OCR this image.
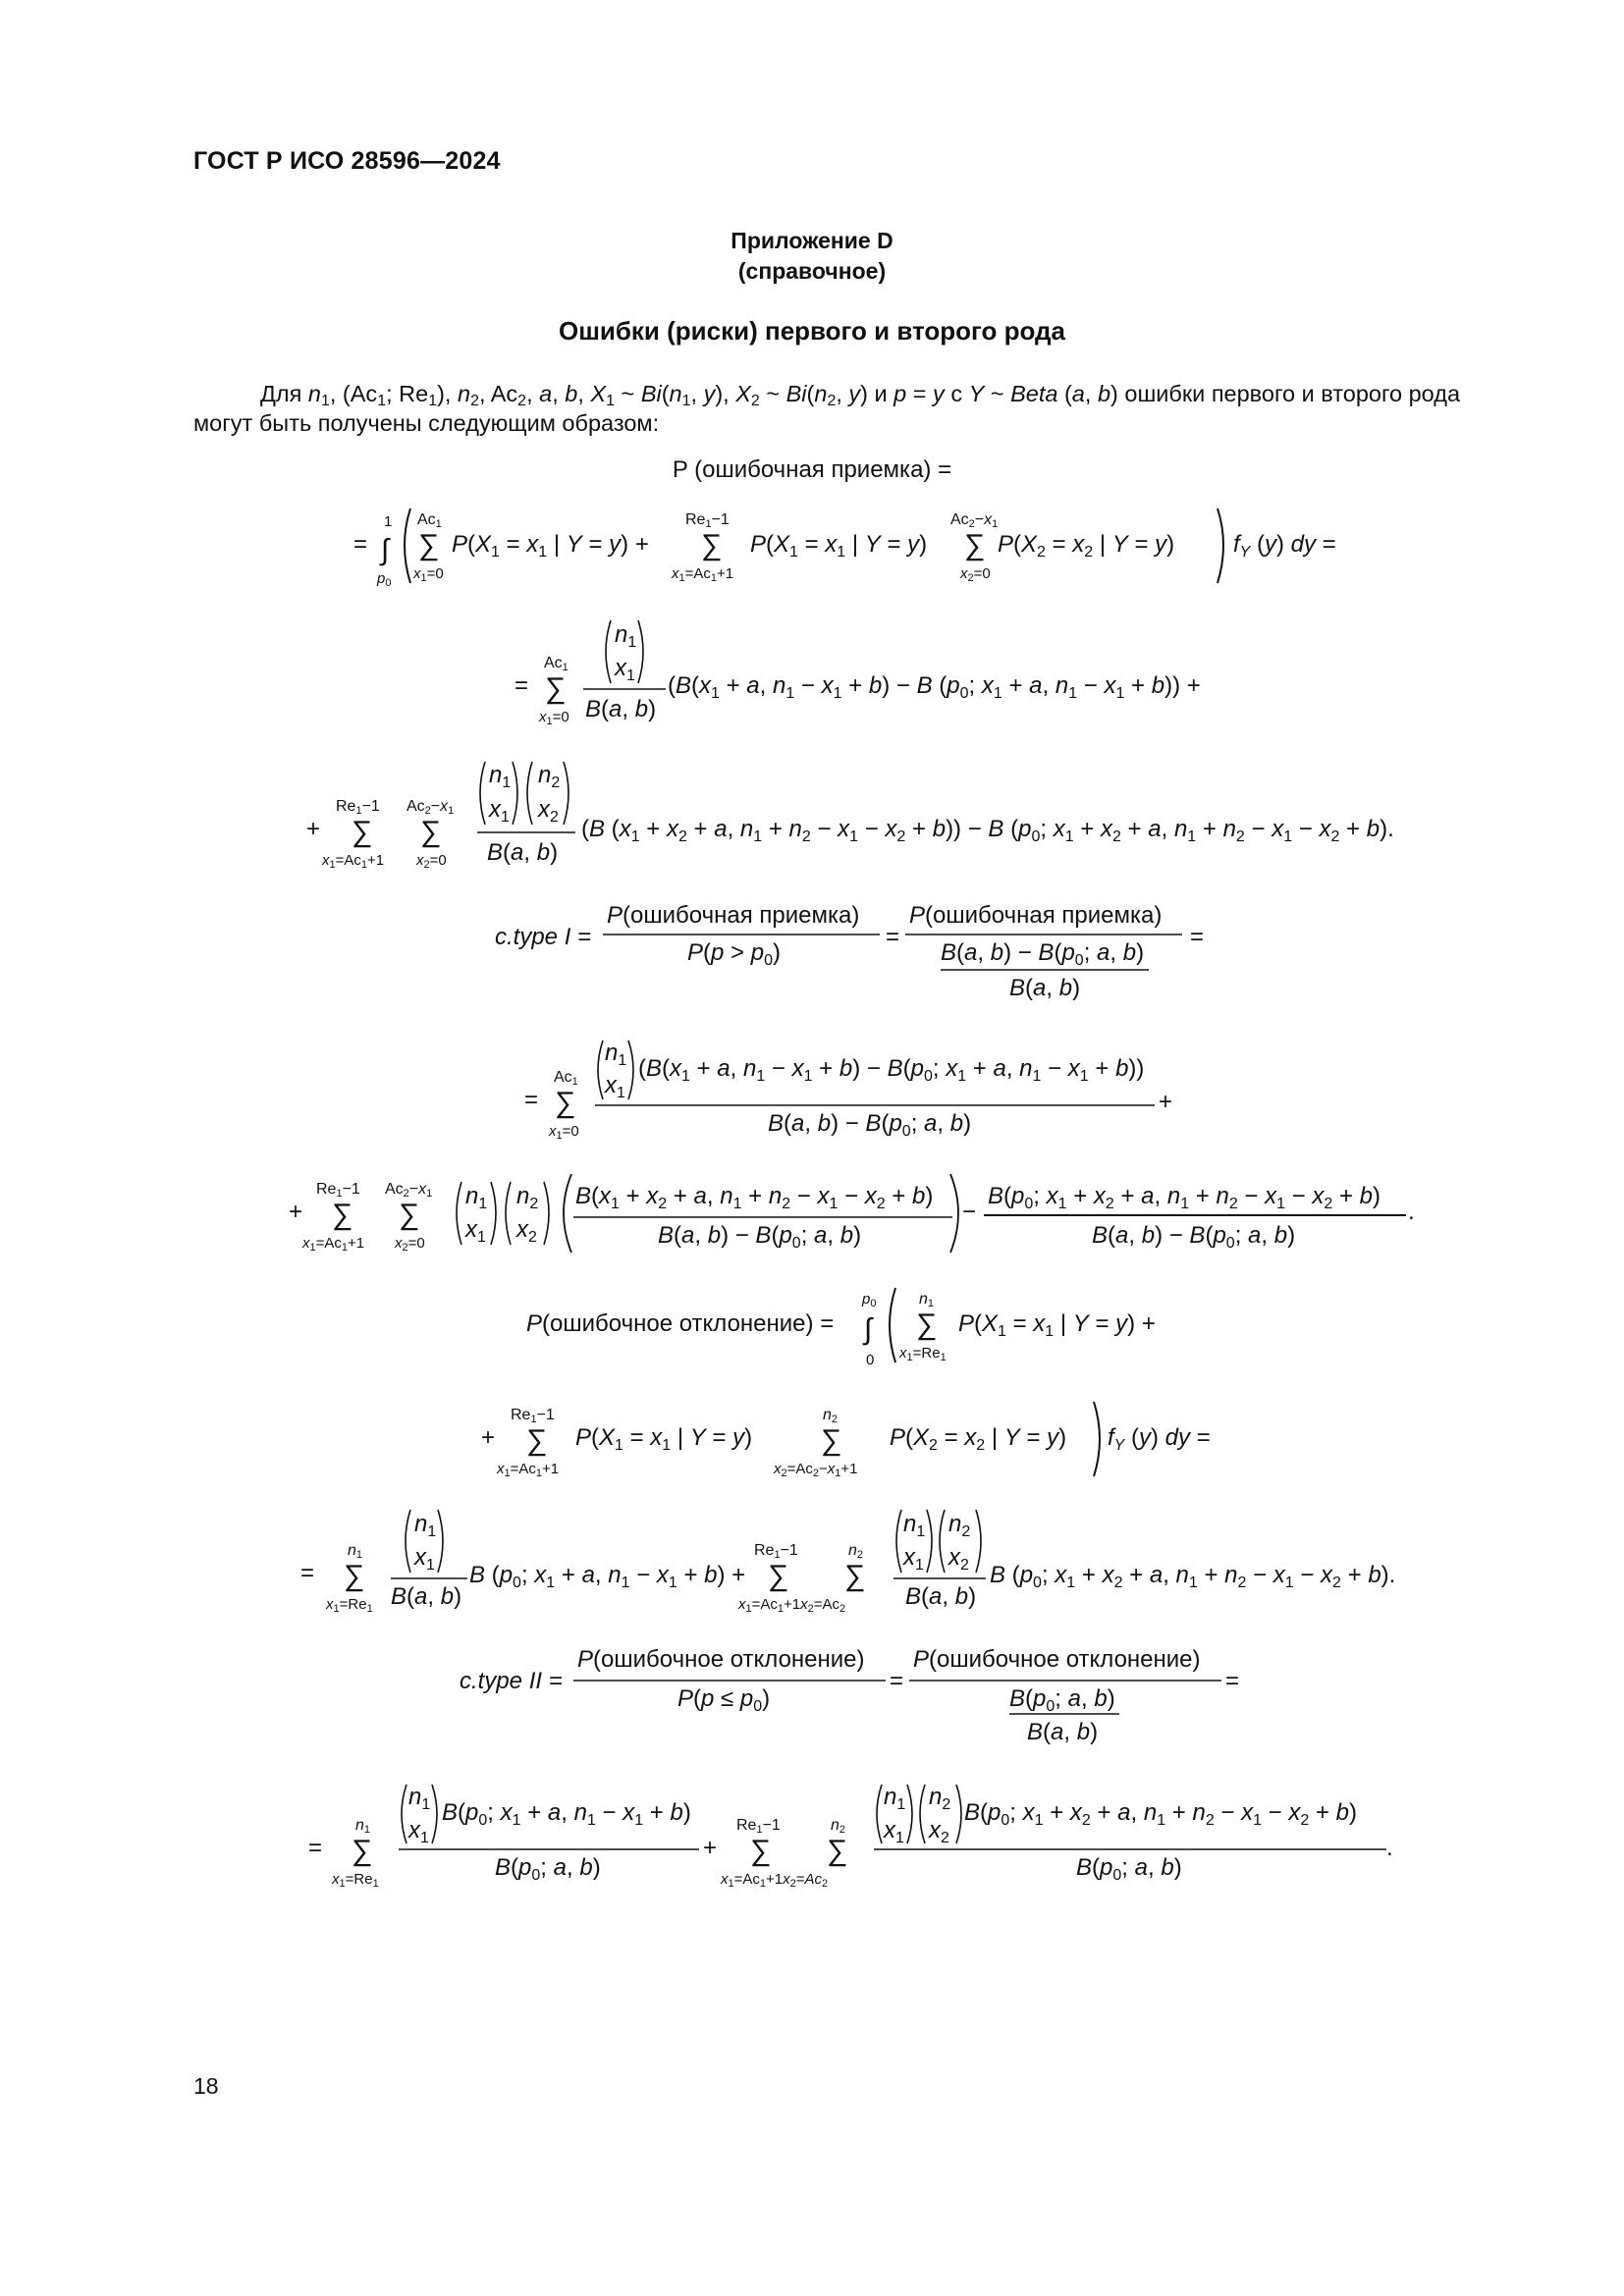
ГОСТ Р ИСО 28596—2024
Приложение D
(справочное)
Ошибки (риски) первого и второго рода
Для $n_1$, ($Ac_1$; $Re_1$), $n_2$, $Ac_2$, a, b, $X_1$ ~ $Bi(n_1$, y), $X_2$ ~ $Bi(n_2$, y) и p = y с Y ~ Beta (a, b) ошибки первого и второго рода могут быть получены следующим образом:
P (ошибочная приемка) =
=
1
∫
$p_0$
Ac1
∑
$x_1=0$
$P(X_1 = x_1$ | Y = y) +
Re1−1
∑
$x_1=Ac_1+1$
$P(X_1 = x_1$ | Y = y)
Ac2−x1
∑
$x_2=0$
$P(X_2 = x_2$ | Y = y) $f_Y$ (y) dy =
=
Ac1
∑
$x_1=0$
$n_1$
$x_1$
B(a, b)
($B(x_1 + a$, $n_1 - x_1 + b) - B$ ($p_0$; $x_1 + a$, $n_1 - x_1 + b$)) +
+
Re1−1
∑
$x_1=Ac_1+1$
Ac2−x1
∑
$x_2=0$
$n_1$
$x_1$
$n_2$
$x_2$
B(a, b)
(B ($x_1 + x_2 + a$, $n_1 + n_2 - x_1 - x_2 + b)) - B$ ($p_0$; $x_1 + x_2 + a$, $n_1 + n_2 - x_1 - x_2 + b$).
c.type I =
P(ошибочная приемка)
$P(p > p_0)$
=
P(ошибочная приемка)
B(a, $b) - B(p_0$; a, b)
B(a, b)
=
=
Ac1
∑
$x_1=0$
$n_1$
$x_1$
($B(x_1 + a$, $n_1 - x_1 + b) - B(p_0$; $x_1 + a$, $n_1 - x_1 + b$))
B(a, $b) - B(p_0$; a, b)
+
+
Re1−1
∑
$x_1=Ac_1+1$
Ac2−x1
∑
$x_2=0$
$n_1$
$x_1$
$n_2$
$x_2$
$B(x_1 + x_2 + a$, $n_1 + n_2 - x_1 - x_2 + b$)
B(a, $b) - B(p_0$; a, b)
−
$B(p_0$; $x_1 + x_2 + a$, $n_1 + n_2 - x_1 - x_2 + b$)
B(a, $b) - B(p_0$; a, b)
.
P(ошибочное отклонение) =
$p_0$
∫
0
n1
∑
$x_1=Re_1$
$P(X_1 = x_1$ | Y = y) +
+
Re1−1
∑
$x_1=Ac_1+1$
$P(X_1 = x_1$ | Y = y)
n2
∑
$x_2=Ac_2-x_1+1$
$P(X_2 = x_2$ | Y = y) $f_Y$ (y) dy =
=
n1
∑
$x_1=Re_1$
$n_1$
$x_1$
B(a, b)
B ($p_0$; $x_1 + a$, $n_1 - x_1 + b$) +
Re1−1
∑
$x_1=Ac_1+1x_2=Ac_2$
n2
∑
$n_1$
$x_1$
$n_2$
$x_2$
B(a, b)
B ($p_0$; $x_1 + x_2 + a$, $n_1 + n_2 - x_1 - x_2 + b$).
c.type II =
P(ошибочное отклонение)
$P(p \le p_0)$
=
P(ошибочное отклонение)
$B(p_0$; a, b)
B(a, b)
=
=
n1
∑
$x_1=Re_1$
$n_1$
$x_1$
$B(p_0$; $x_1 + a$, $n_1 - x_1 + b$)
$B(p_0$; a, b)
+
Re1−1
∑
$x_1=Ac_1+1x_2=Ac_2$
n2
∑
$n_1$
$x_1$
$n_2$
$x_2$
$B(p_0$; $x_1 + x_2 + a$, $n_1 + n_2 - x_1 - x_2 + b$)
$B(p_0$; a, b)
.
18
